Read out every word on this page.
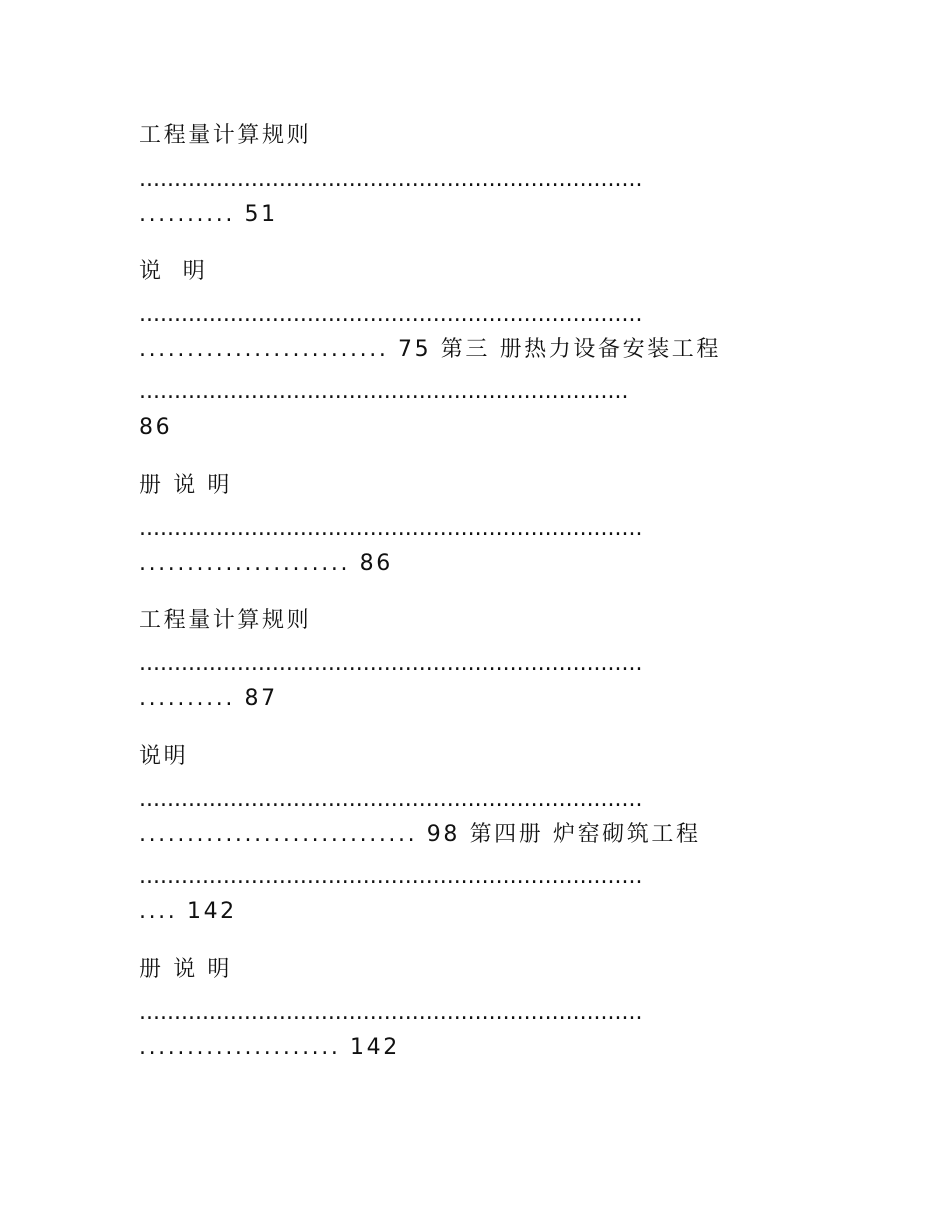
工程量计算规则
........................................................................
.......... 51
说  明
........................................................................
.......................... 75 第三 册热力设备安装工程
......................................................................
86
册 说 明
........................................................................
...................... 86
工程量计算规则
........................................................................
.......... 87
说明
........................................................................
............................. 98 第四册 炉窑砌筑工程
........................................................................
.... 142
册 说 明
........................................................................
..................... 142
